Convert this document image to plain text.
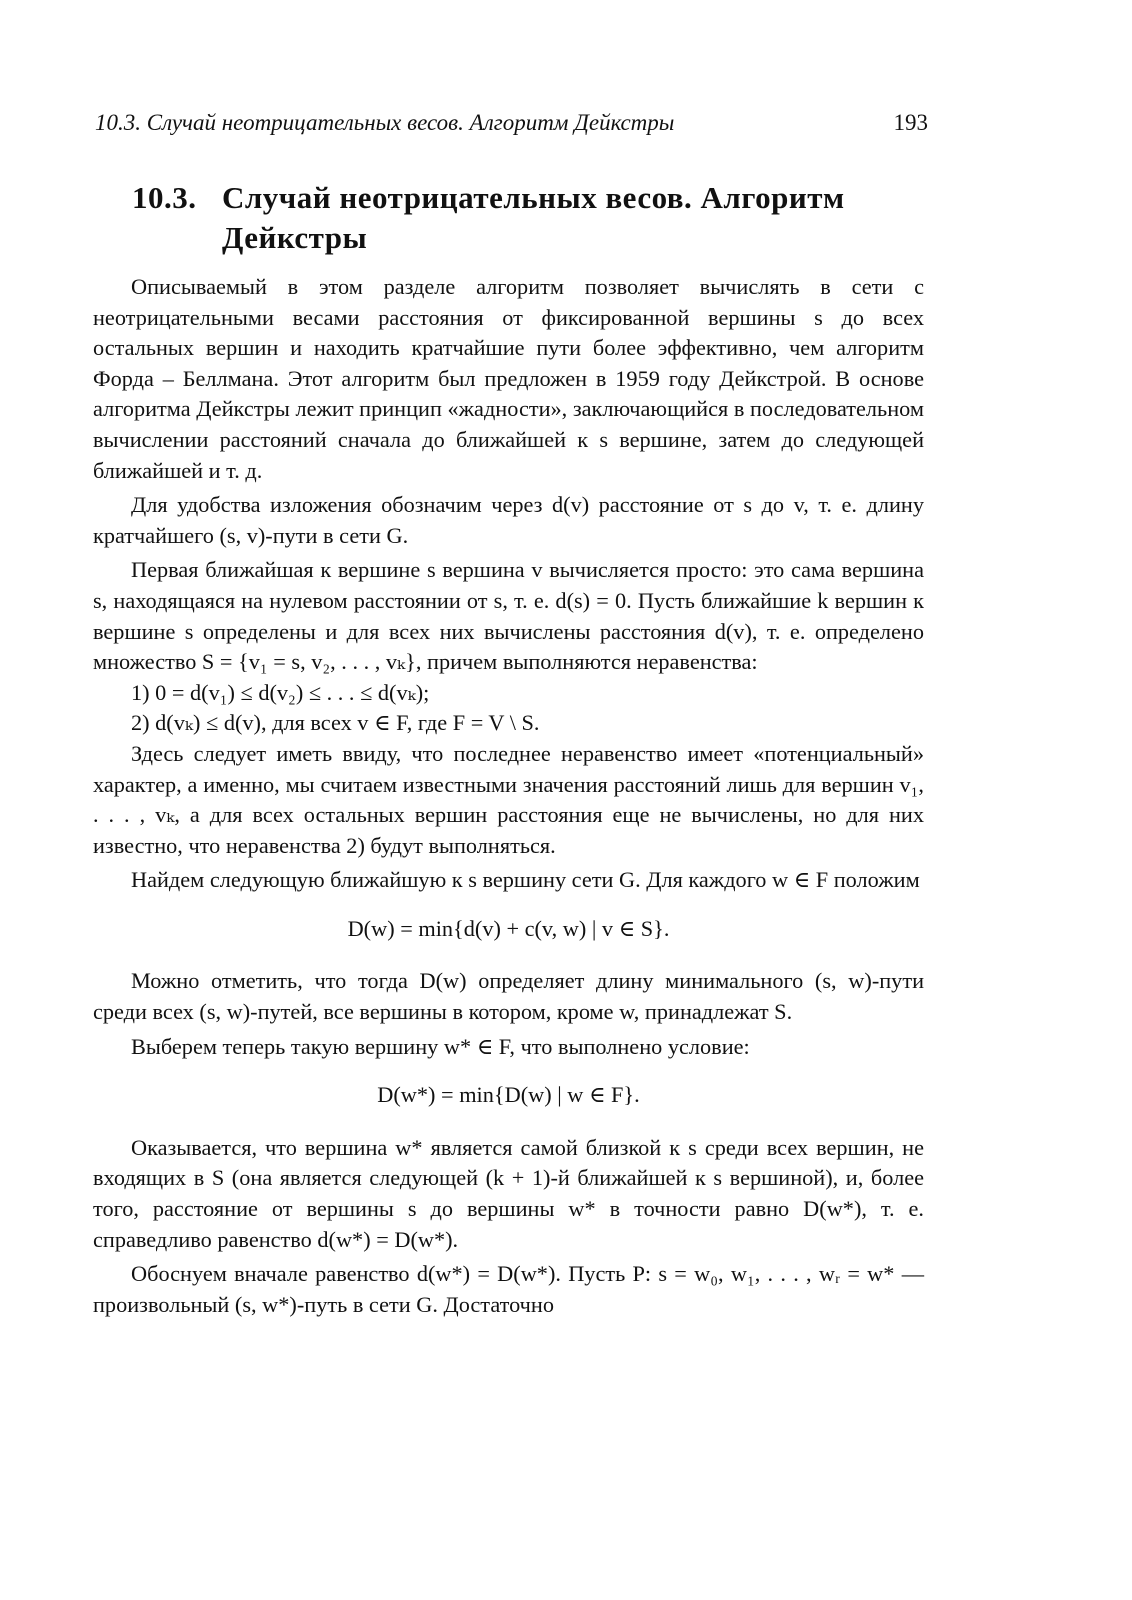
10.3. Случай неотрицательных весов. Алгоритм Дейкстры	193
10.3. Случай неотрицательных весов. Алгоритм
Дейкстры

Описываемый в этом разделе алгоритм позволяет вычислять в сети с неотрицательными весами расстояния от фиксированной вершины s до всех остальных вершин и находить кратчайшие пути более эффективно, чем алгоритм Форда – Беллмана. Этот алгоритм был предложен в 1959 году Дейкстрой. В основе алгоритма Дейкстры лежит принцип «жадности», заключающийся в последовательном вычислении расстояний сначала до ближайшей к s вершине, затем до следующей ближайшей и т. д.

Для удобства изложения обозначим через d(v) расстояние от s до v, т. е. длину кратчайшего (s, v)-пути в сети G.

Первая ближайшая к вершине s вершина v вычисляется просто: это сама вершина s, находящаяся на нулевом расстоянии от s, т. е. d(s) = 0. Пусть ближайшие k вершин к вершине s определены и для всех них вычислены расстояния d(v), т. е. определено множество S = {v₁ = s, v₂, . . . , vₖ}, причем выполняются неравенства:

1) 0 = d(v₁) ≤ d(v₂) ≤ . . . ≤ d(vₖ);

2) d(vₖ) ≤ d(v), для всех v ∈ F, где F = V \ S.

Здесь следует иметь ввиду, что последнее неравенство имеет «потенциальный» характер, а именно, мы считаем известными значения расстояний лишь для вершин v₁, . . . , vₖ, а для всех остальных вершин расстояния еще не вычислены, но для них известно, что неравенства 2) будут выполняться.

Найдем следующую ближайшую к s вершину сети G. Для каждого w ∈ F положим

D(w) = min{d(v) + c(v, w) | v ∈ S}.

Можно отметить, что тогда D(w) определяет длину минимального (s, w)-пути среди всех (s, w)-путей, все вершины в котором, кроме w, принадлежат S.

Выберем теперь такую вершину w* ∈ F, что выполнено условие:

D(w*) = min{D(w) | w ∈ F}.

Оказывается, что вершина w* является самой близкой к s среди всех вершин, не входящих в S (она является следующей (k + 1)-й ближайшей к s вершиной), и, более того, расстояние от вершины s до вершины w* в точности равно D(w*), т. е. справедливо равенство d(w*) = D(w*).

Обоснуем вначале равенство d(w*) = D(w*). Пусть P: s = w₀, w₁, . . . , wᵣ = w* — произвольный (s, w*)-путь в сети G. Достаточно
